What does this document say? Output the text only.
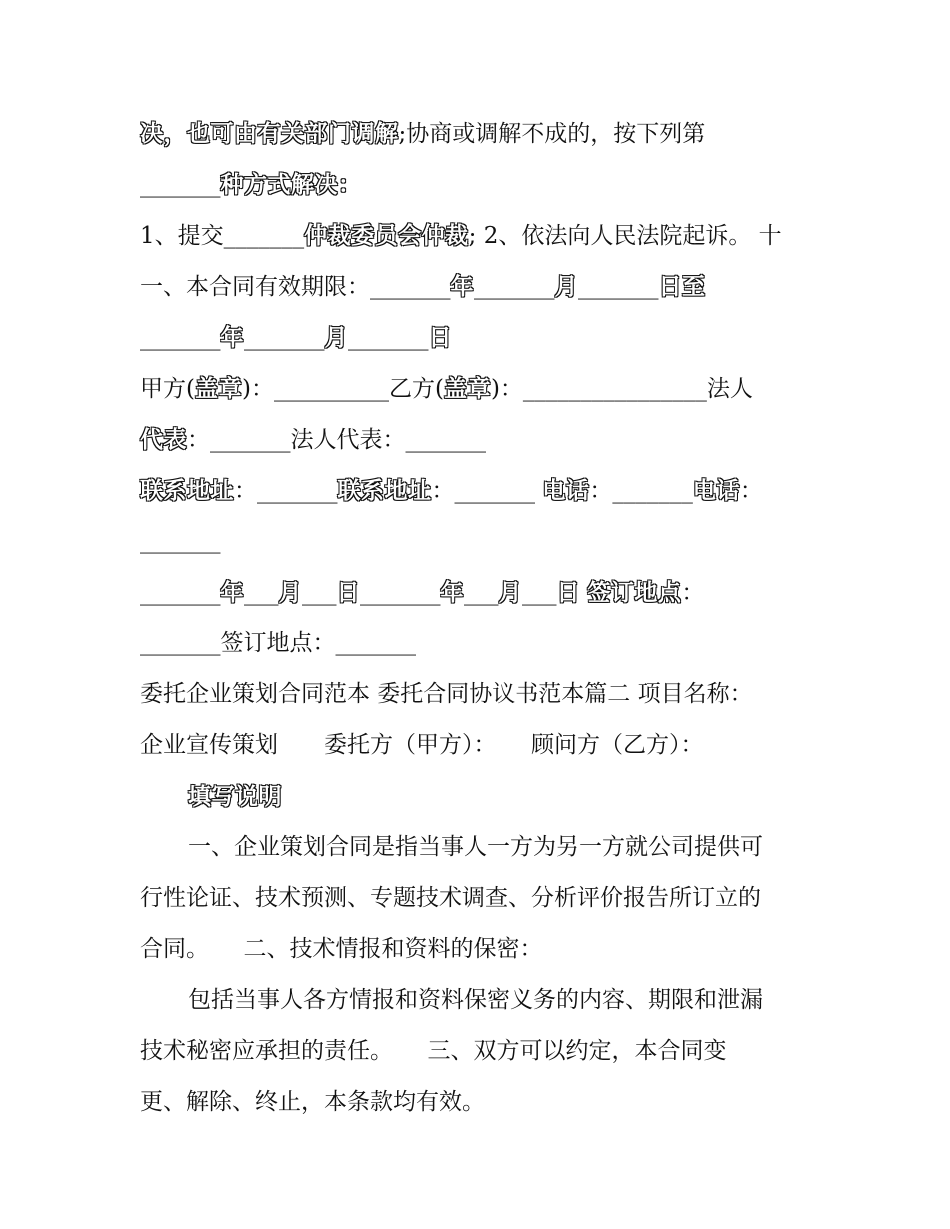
决，也可由有关部门调解;协商或调解不成的，按下列第
_______种方式解决：
1、提交_______仲裁委员会仲裁; 2、依法向人民法院起诉。 十
一、本合同有效期限：_______年_______月_______日至
_______年_______月_______日
甲方(盖章)：__________乙方(盖章)：________________法人
代表：_______法人代表：_______
联系地址：_______联系地址：_______ 电话：_______电话：
_______
_______年___月___日_______年___月___日 签订地点：
_______签订地点：_______
委托企业策划合同范本 委托合同协议书范本篇二 项目名称：
企业宣传策划　　委托方（甲方）：　　顾问方（乙方）：
填写说明
一、企业策划合同是指当事人一方为另一方就公司提供可
行性论证、技术预测、专题技术调查、分析评价报告所订立的
合同。　　二、技术情报和资料的保密：
包括当事人各方情报和资料保密义务的内容、期限和泄漏
技术秘密应承担的责任。　　三、双方可以约定，本合同变
更、解除、终止，本条款均有效。
